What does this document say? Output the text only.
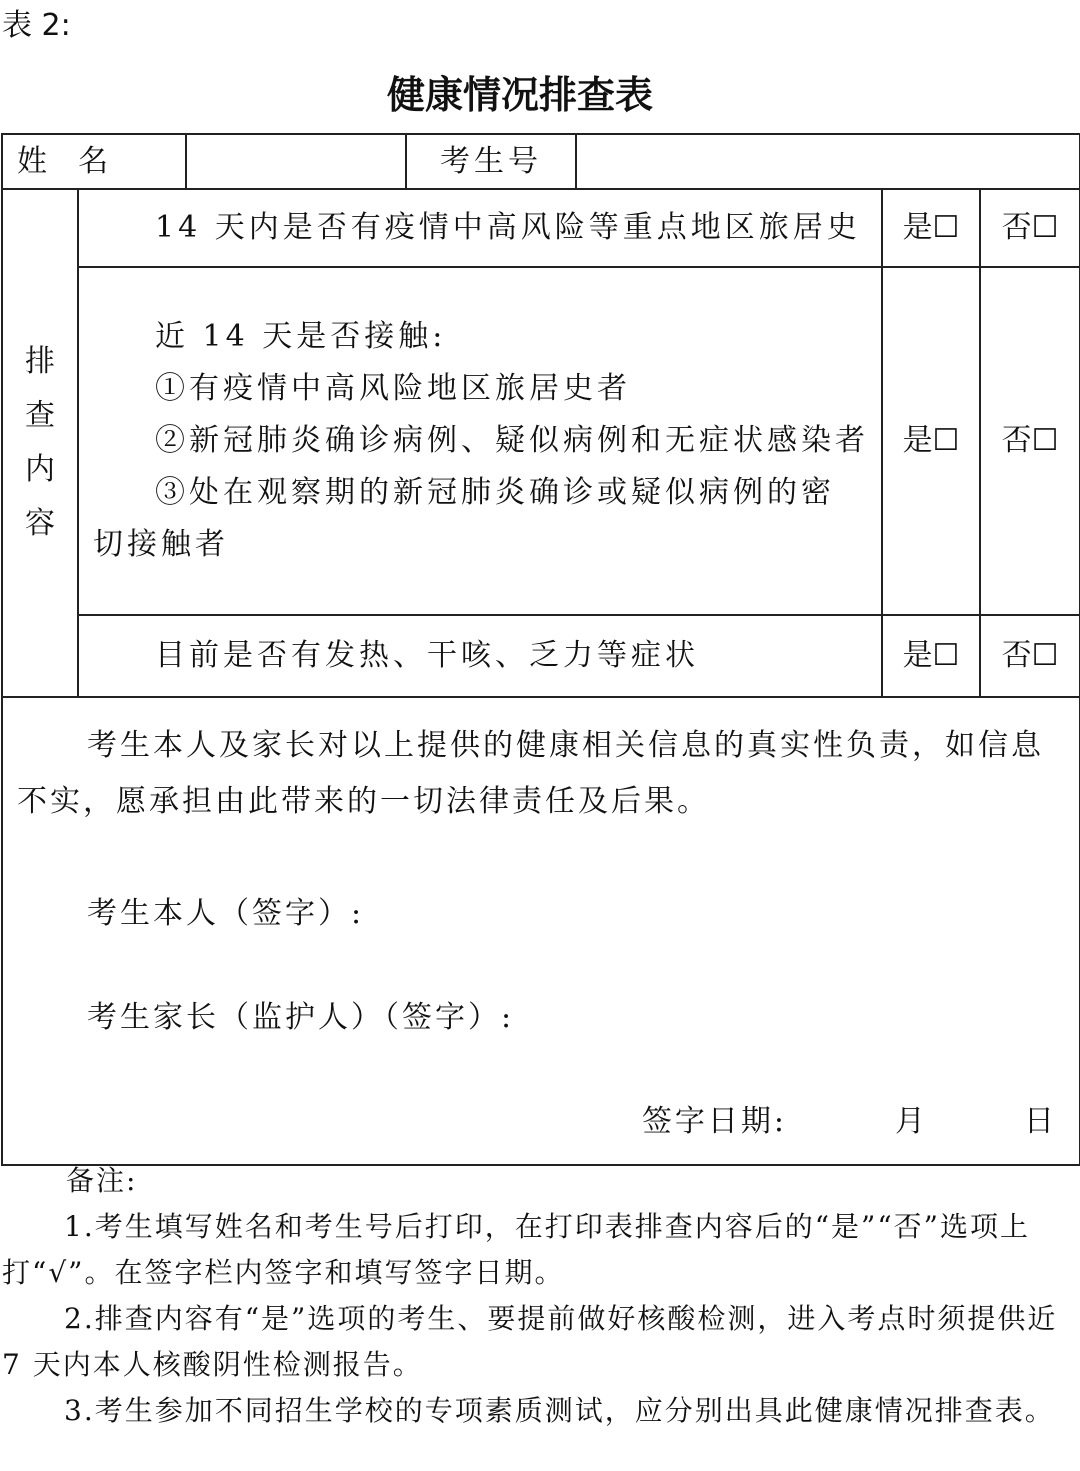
表 2:
健康情况排查表
姓  名			考生号			

排
查
内
容	14 天内是否有疫情中高风险等重点地区旅居史				是☐	否☐

	近 14 天是否接触:
①有疫情中高风险地区旅居史者
②新冠肺炎确诊病例、疑似病例和无症状感染者
③处在观察期的新冠肺炎确诊或疑似病例的密
切接触者				是☐	否☐
	目前是否有发热、干咳、乏力等症状				是☐	否☐

考生本人及家长对以上提供的健康相关信息的真实性负责，如信息不实，愿承担由此带来的一切法律责任及后果。

考生本人（签字）:

考生家长（监护人）（签字）:

签字日期: 月 日						

备注:

1.考生填写姓名和考生号后打印，在打印表排查内容后的“是”“否”选项上打“√”。在签字栏内签字和填写签字日期。

2.排查内容有“是”选项的考生、要提前做好核酸检测，进入考点时须提供近 7 天内本人核酸阴性检测报告。

3.考生参加不同招生学校的专项素质测试，应分别出具此健康情况排查表。
